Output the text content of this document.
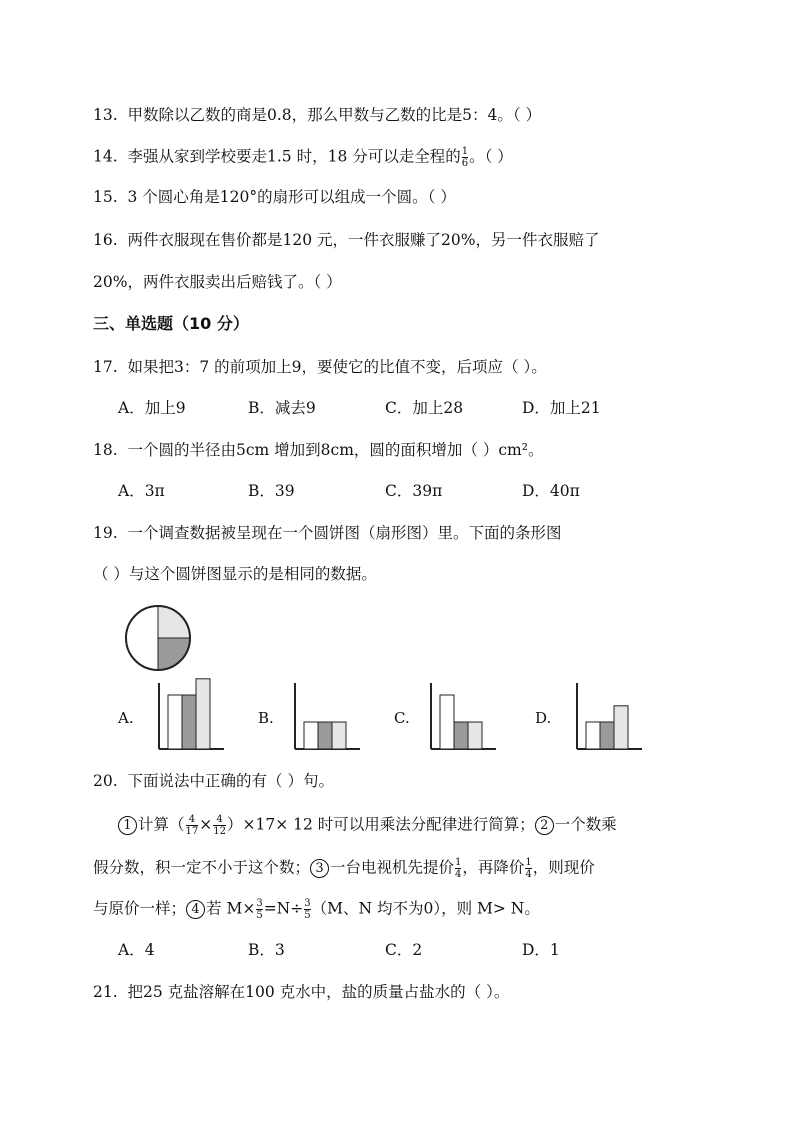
13. 甲数除以乙数的商是0.8，那么甲数与乙数的比是5：4。（ ）
14. 李强从家到学校要走1.5 时，18 分可以走全程的 $\frac{1}{6}$ 。（ ）
15. 3 个圆心角是120°的扇形可以组成一个圆。（ ）
16. 两件衣服现在售价都是120 元，一件衣服赚了20%，另一件衣服赔了
20%，两件衣服卖出后赔钱了。（ ）
三、单选题（10 分）
17. 如果把3：7 的前项加上9，要使它的比值不变，后项应（ ）。
A．加上9	B．减去9	C．加上28	D．加上21
18. 一个圆的半径由5cm 增加到8cm，圆的面积增加（ ）cm²。
A．3π	B．39	C．39π	D．40π
19. 一个调查数据被呈现在一个圆饼图（扇形图）里。下面的条形图
（ ）与这个圆饼图显示的是相同的数据。
A.	B.	C.	D.
20. 下面说法中正确的有（ ）句。
1 计算（ $\frac{4}{17} \times \frac{4}{12} )\times 17\times 12$ 时可以用乘法分配律进行简算； 2 一个数乘
假分数，积一定不小于这个数； 3 一台电视机先提价 $\frac{1}{4}$ ，再降价 $\frac{1}{4}$ ，则现价
与原价一样； 4 若 $M\times \frac{3}{5} =N\div \frac{3}{5} (M$、N 均不为0），则 M> N。
A．4	B．3	C．2	D．1
21. 把25 克盐溶解在100 克水中，盐的质量占盐水的（ ）。
